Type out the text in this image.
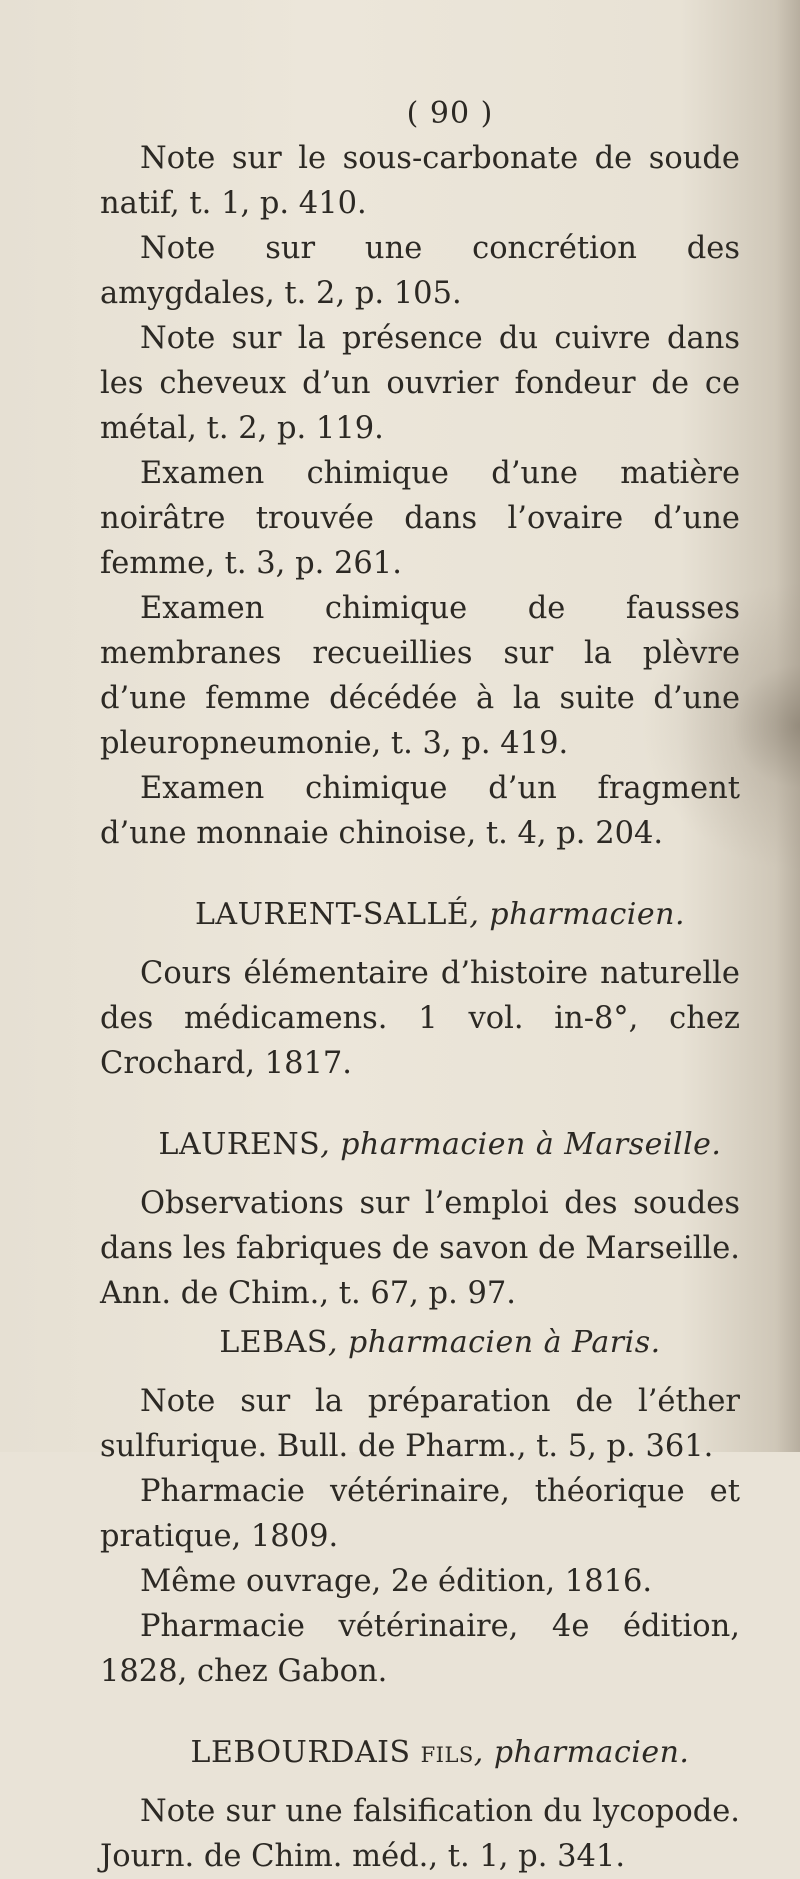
( 90 )

Note sur le sous-carbonate de soude natif, t. 1, p. 410.

Note sur une concrétion des amygdales, t. 2, p. 105.

Note sur la présence du cuivre dans les cheveux d’un ouvrier fondeur de ce métal, t. 2, p. 119.

Examen chimique d’une matière noirâtre trouvée dans l’ovaire d’une femme, t. 3, p. 261.

Examen chimique de fausses membranes recueillies sur la plèvre d’une femme décédée à la suite d’une pleuropneumonie, t. 3, p. 419.

Examen chimique d’un fragment d’une monnaie chinoise, t. 4, p. 204.

LAURENT-SALLÉ, pharmacien.

Cours élémentaire d’histoire naturelle des médicamens. 1 vol. in-8°, chez Crochard, 1817.

LAURENS, pharmacien à Marseille.

Observations sur l’emploi des soudes dans les fabriques de savon de Marseille. Ann. de Chim., t. 67, p. 97.

LEBAS, pharmacien à Paris.

Note sur la préparation de l’éther sulfurique. Bull. de Pharm., t. 5, p. 361.

Pharmacie vétérinaire, théorique et pratique, 1809.

Même ouvrage, 2e édition, 1816.

Pharmacie vétérinaire, 4e édition, 1828, chez Gabon.

LEBOURDAIS fils, pharmacien.

Note sur une falsification du lycopode. Journ. de Chim. méd., t. 1, p. 341.
